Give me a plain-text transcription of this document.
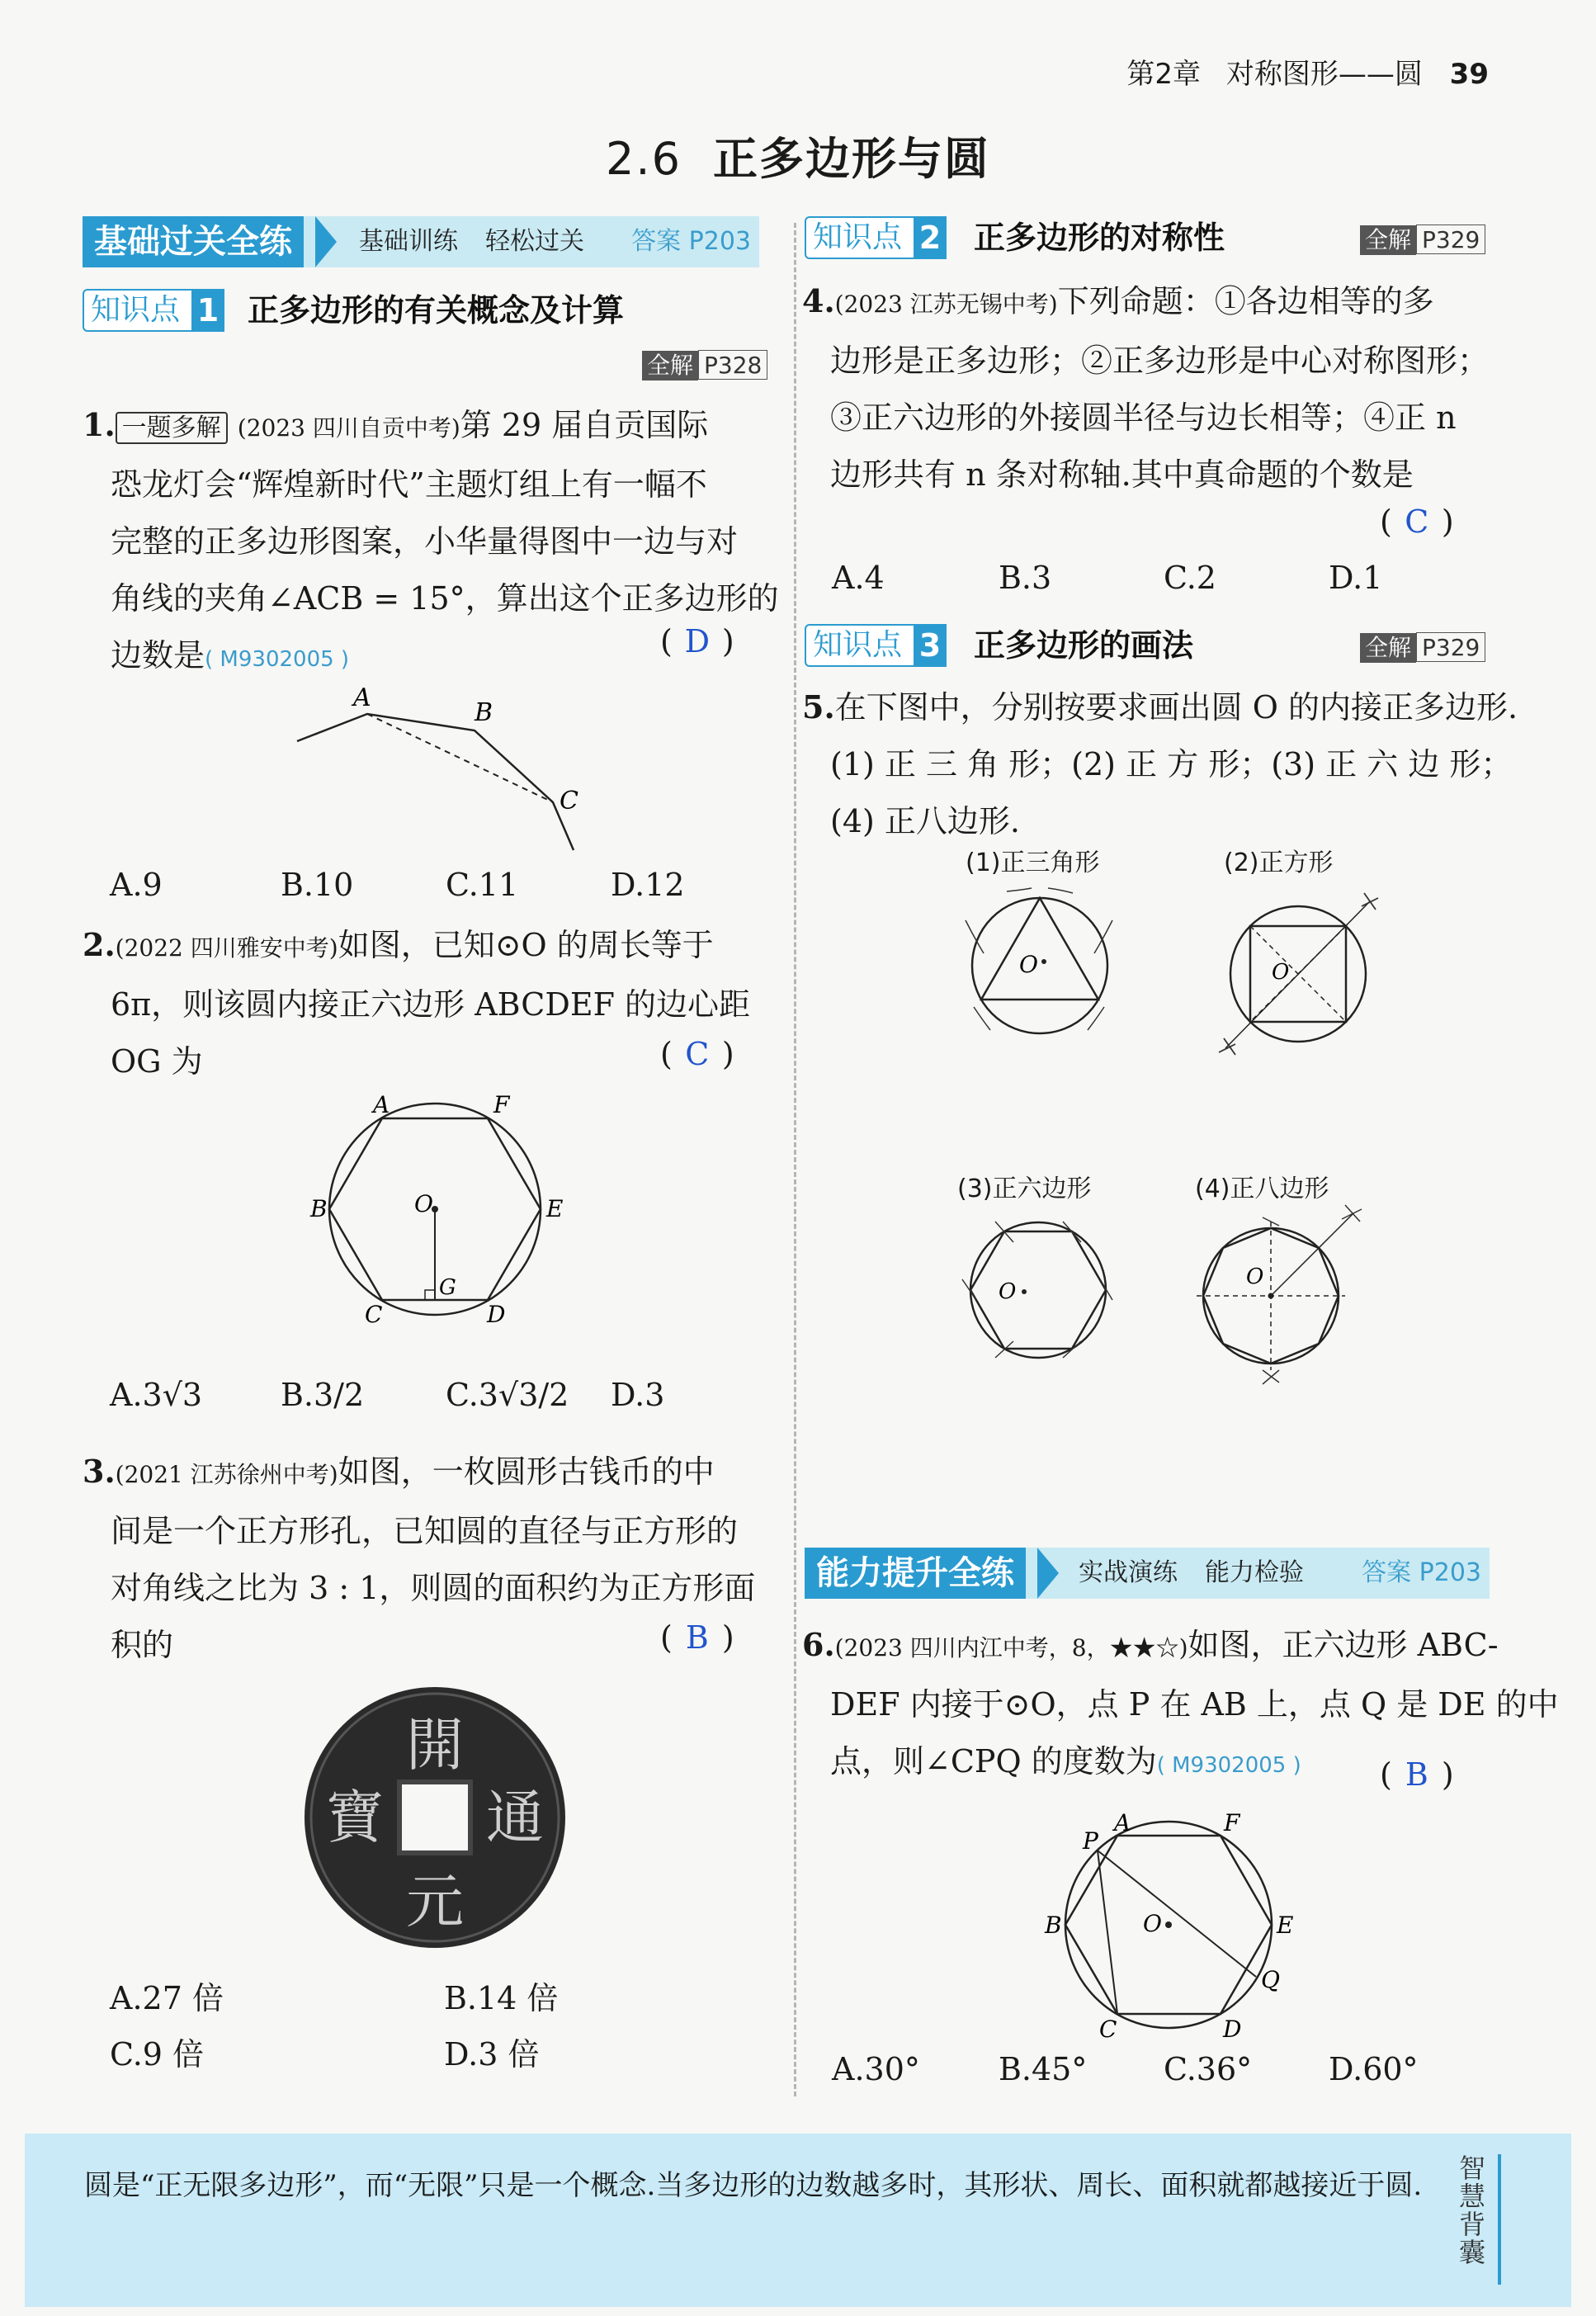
第2章 对称图形——圆 39
2.6 正多边形与圆
基础过关全练	基础训练 轻松过关 答案 P203
知识点 1 正多边形的有关概念及计算
全解 P328
1. 一题多解 (2023 四川自贡中考)第 29 届自贡国际
恐龙灯会“辉煌新时代”主题灯组上有一幅不
完整的正多边形图案，小华量得图中一边与对
角线的夹角∠ACB = 15°，算出这个正多边形的
边数是( M9302005 )	( D )
A
B
C
A.9	B.10	C.11	D.12
2.(2022 四川雅安中考)如图，已知⊙O 的周长等于
6π，则该圆内接正六边形 ABCDEF 的边心距
OG 为	( C )
A	F
B	E
C	D
O
G
A.3√3 B.3/2	C.3√3/2 D.3
3.(2021 江苏徐州中考)如图，一枚圆形古钱币的中
间是一个正方形孔，已知圆的直径与正方形的
对角线之比为 3 : 1，则圆的面积约为正方形面
积的	( B )
開
通
元
寶
A.27 倍	B.14 倍
C.9 倍	D.3 倍
知识点 2 正多边形的对称性	全解 P329
4.(2023 江苏无锡中考)下列命题：①各边相等的多
边形是正多边形；②正多边形是中心对称图形；
③正六边形的外接圆半径与边长相等；④正 n
边形共有 n 条对称轴.其中真命题的个数是
( C )
A.4	B.3	C.2	D.1
知识点 3 正多边形的画法	全解 P329
5.在下图中，分别按要求画出圆 O 的内接正多边形.
(1) 正 三 角 形；(2) 正 方 形；(3) 正 六 边 形；
(4) 正八边形.
(1)正三角形
O
(2)正方形
O
(3)正六边形
O
(4)正八边形
O
能力提升全练	实战演练 能力检验 答案 P203
6.(2023 四川内江中考，8，★★☆)如图，正六边形 ABC-
DEF 内接于⊙O，点 P 在 AB 上，点 Q 是 DE 的中
点，则∠CPQ 的度数为( M9302005 )	( B )
P
A	F
B	E
Q
C	D
O
A.30°	B.45° C.36° D.60°
圆是“正无限多边形”，而“无限”只是一个概念.当多边形的边数越多时，其形状、周长、面积就都越接近于圆.
智慧背囊
